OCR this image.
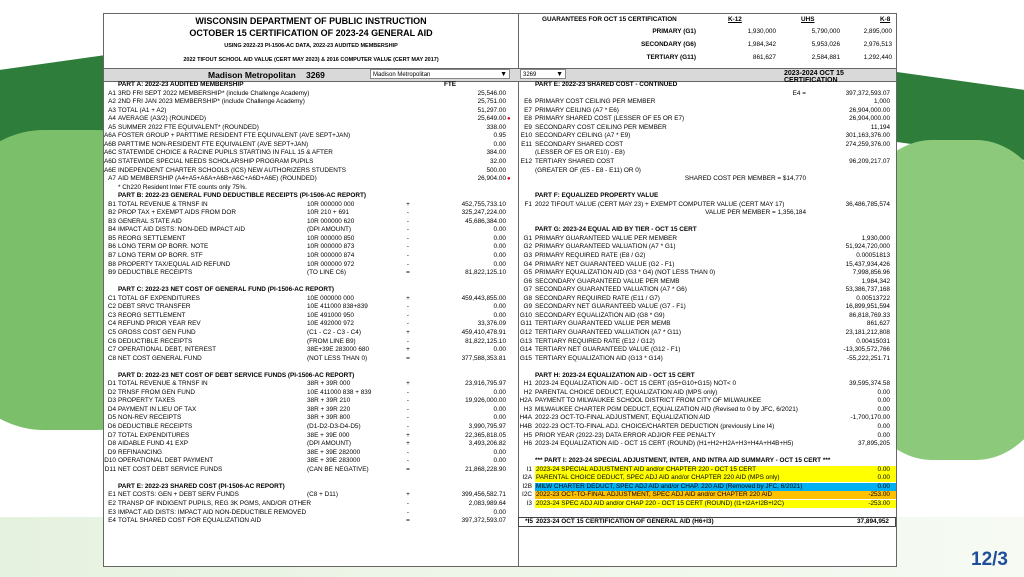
WISCONSIN DEPARTMENT OF PUBLIC INSTRUCTION
OCTOBER 15 CERTIFICATION OF 2023-24 GENERAL AID
USING 2022-23 PI-1506-AC DATA, 2022-23 AUDITED MEMBERSHIP
2022 TIFOUT SCHOOL AID VALUE (CERT MAY 2023) & 2016 COMPUTER VALUE (CERT MAY 2017)
Madison Metropolitan 3269
PART A: 2022-23 AUDITED MEMBERSHIP	FTE
A1 3RD FRI SEPT 2022 MEMBERSHIP* (include Challenge Academy)	25,546.00
A2 2ND FRI JAN 2023 MEMBERSHIP* (include Challenge Academy)	25,751.00
A3 TOTAL (A1 + A2)	51,297.00
A4 AVERAGE (A3/2) (ROUNDED)	25,649.00 ●
A5 SUMMER 2022 FTE EQUIVALENT* (ROUNDED)	338.00
A6A FOSTER GROUP + PARTTIME RESIDENT FTE EQUIVALENT (AVE SEPT+JAN)	0.95
A6B PARTTIME NON-RESIDENT FTE EQUIVALENT (AVE SEPT+JAN)	0.00
A6C STATEWIDE CHOICE & RACINE PUPILS STARTING IN FALL 15 & AFTER	384.00
A6D STATEWIDE SPECIAL NEEDS SCHOLARSHIP PROGRAM PUPILS	32.00
A6E INDEPENDENT CHARTER SCHOOLS (ICS) NEW AUTHORIZERS STUDENTS	500.00
A7 AID MEMBERSHIP (A4+A5+A6A+A6B+A6C+A6D+A6E) (ROUNDED)	26,904.00 ●
* Ch220 Resident Inter FTE counts only 75%.
PART B: 2022-23 GENERAL FUND DEDUCTIBLE RECEIPTS (PI-1506-AC REPORT)
B1 TOTAL REVENUE & TRNSF IN	10R 000000 000	+	452,755,733.10
B2 PROP TAX + EXEMPT AIDS FROM DOR	10R 210 + 691	-	325,247,224.00
B3 GENERAL STATE AID	10R 000000 620	-	45,686,384.00
B4 IMPACT AID DISTS: NON-DED IMPACT AID	(DPI AMOUNT)	-	0.00
B5 REORG SETTLEMENT	10R 000000 850	-	0.00
B6 LONG TERM OP BORR. NOTE	10R 000000 873	-	0.00
B7 LONG TERM OP BORR. STF	10R 000000 874	-	0.00
B8 PROPERTY TAX/EQUAL AID REFUND	10R 000000 972	-	0.00
B9 DEDUCTIBLE RECEIPTS	(TO LINE C6)	=	81,822,125.10
PART C: 2022-23 NET COST OF GENERAL FUND (PI-1506-AC REPORT)
C1 TOTAL GF EXPENDITURES	10E 000000 000	+	459,443,855.00
C2 DEBT SRVC TRANSFER	10E 411000 838+839	-	0.00
C3 REORG SETTLEMENT	10E 491000 950	-	0.00
C4 REFUND PRIOR YEAR REV	10E 492000 972	-	33,376.09
C5 GROSS COST GEN FUND	(C1 - C2 - C3 - C4)	+	459,410,478.91
C6 DEDUCTIBLE RECEIPTS	(FROM LINE B9)	-	81,822,125.10
C7 OPERATIONAL DEBT, INTEREST	38E+39E 283000 680	+	0.00
C8 NET COST GENERAL FUND	(NOT LESS THAN 0)	=	377,588,353.81
PART D: 2022-23 NET COST OF DEBT SERVICE FUNDS (PI-1506-AC REPORT)
D1 TOTAL REVENUE & TRNSF IN	38R + 39R 000	+	23,916,795.97
D2 TRNSF FROM GEN FUND	10E 411000 838 + 839	-	0.00
D3 PROPERTY TAXES	38R + 39R 210	-	19,926,000.00
D4 PAYMENT IN LIEU OF TAX	38R + 39R 220	-	0.00
D5 NON-REV RECEIPTS	38R + 39R 800	-	0.00
D6 DEDUCTIBLE RECEIPTS	(D1-D2-D3-D4-D5)	-	3,990,795.97
D7 TOTAL EXPENDITURES	38E + 39E 000	+	22,365,818.05
D8 AIDABLE FUND 41 EXP	(DPI AMOUNT)	+	3,493,206.82
D9 REFINANCING	38E + 39E 282000	-	0.00
D10 OPERATIONAL DEBT PAYMENT	38E + 39E 283000	-	0.00
D11 NET COST DEBT SERVICE FUNDS	(CAN BE NEGATIVE)	=	21,868,228.90
PART E: 2022-23 SHARED COST (PI-1506-AC REPORT)
E1 NET COSTS: GEN + DEBT SERV FUNDS	(C8 + D11)	+	399,456,582.71
E2 TRANSP OF INDIGENT PUPILS, REG 3K PGMS, AND/OR OTHER	-	2,083,989.64
E3 IMPACT AID DISTS: IMPACT AID NON-DEDUCTIBLE REMOVED	-	0.00
E4 TOTAL SHARED COST FOR EQUALIZATION AID	=	397,372,593.07
GUARANTEES FOR OCT 15 CERTIFICATION	K-12	UHS	K-8
PRIMARY (G1)	1,930,000	5,790,000	2,895,000
SECONDARY (G6)	1,984,342	5,953,026	2,976,513
TERTIARY (G11)	861,627	2,584,881	1,292,440
2023-2024 OCT 15 CERTIFICATION
PART E: 2022-23 SHARED COST - CONTINUED
E4 =	397,372,593.07
E6 PRIMARY COST CEILING PER MEMBER	1,000
E7 PRIMARY CEILING (A7 * E6)	26,904,000.00
E8 PRIMARY SHARED COST (LESSER OF E5 OR E7)	26,904,000.00
E9 SECONDARY COST CEILING PER MEMBER	11,194
E10 SECONDARY CEILING (A7 * E9)	301,163,376.00
E11 SECONDARY SHARED COST	274,259,376.00
(LESSER OF E5 OR E10) - E8)
E12 TERTIARY SHARED COST	96,209,217.07
(GREATER OF (E5 - E8 - E11) OR 0)
SHARED COST PER MEMBER = $14,770
PART F: EQUALIZED PROPERTY VALUE
F1 2022 TIFOUT VALUE (CERT MAY 23) + EXEMPT COMPUTER VALUE (CERT MAY 17)	36,486,785,574
VALUE PER MEMBER = 1,356,184
PART G: 2023-24 EQUAL AID BY TIER - OCT 15 CERT
G1 PRIMARY GUARANTEED VALUE PER MEMBER	1,930,000
G2 PRIMARY GUARANTEED VALUATION (A7 * G1)	51,924,720,000
G3 PRIMARY REQUIRED RATE (E8 / G2)	0.00051813
G4 PRIMARY NET GUARANTEED VALUE (G2 - F1)	15,437,934,426
G5 PRIMARY EQUALIZATION AID (G3 * G4) (NOT LESS THAN 0)	7,998,856.96
G6 SECONDARY GUARANTEED VALUE PER MEMB	1,984,342
G7 SECONDARY GUARANTEED VALUATION (A7 * G6)	53,386,737,168
G8 SECONDARY REQUIRED RATE (E11 / G7)	0.00513722
G9 SECONDARY NET GUARANTEED VALUE (G7 - F1)	16,899,951,594
G10 SECONDARY EQUALIZATION AID (G8 * G9)	86,818,769.33
G11 TERTIARY GUARANTEED VALUE PER MEMB	861,627
G12 TERTIARY GUARANTEED VALUATION (A7 * G11)	23,181,212,808
G13 TERTIARY REQUIRED RATE (E12 / G12)	0.00415031
G14 TERTIARY NET GUARANTEED VALUE (G12 - F1)	-13,305,572,766
G15 TERTIARY EQUALIZATION AID (G13 * G14)	-55,222,251.71
PART H: 2023-24 EQUALIZATION AID - OCT 15 CERT
H1 2023-24 EQUALIZATION AID - OCT 15 CERT (G5+G10+G15) NOT< 0	39,595,374.58
H2 PARENTAL CHOICE DEDUCT, EQUALIZATION AID (MPS only)	0.00
H2A PAYMENT TO MILWAUKEE SCHOOL DISTRICT FROM CITY OF MILWAUKEE	0.00
H3 MILWAUKEE CHARTER PGM DEDUCT, EQUALIZATION AID (Revised to 0 by JFC, 6/2021)	0.00
H4A 2022-23 OCT-TO-FINAL ADJUSTMENT, EQUALIZATION AID	-1,700,170.00
H4B 2022-23 OCT-TO-FINAL ADJ. CHOICE/CHARTER DEDUCTION (previously Line I4)	0.00
H5 PRIOR YEAR (2022-23) DATA ERROR ADJ/OR FEE PENALTY	0.00
H6 2023-24 EQUALIZATION AID - OCT 15 CERT (ROUND) (H1+H2+H2A+H3+H4A+H4B+H5)	37,895,205
*** PART I: 2023-24 SPECIAL ADJUSTMENT, INTER, AND INTRA AID SUMMARY - OCT 15 CERT ***
I1 2023-24 SPECIAL ADJUSTMENT AID and/or CHAPTER 220 - OCT 15 CERT	0.00
I2A PARENTAL CHOICE DEDUCT, SPEC ADJ AID and/or CHAPTER 220 AID (MPS only)	0.00
I2B MILW CHARTER DEDUCT, SPEC ADJ AID and/or CHAP. 220 AID (Removed by JFC, 6/2021)	0.00
I2C 2022-23 OCT-TO-FINAL ADJUSTMENT, SPEC ADJ AID and/or CHAPTER 220 AID	-253.00
I3 2023-24 SPEC ADJ AID and/or CHAP 220 - OCT 15 CERT (ROUND) (I1+I2A+I2B+I2C)	-253.00
*I5 2023-24 OCT 15 CERTIFICATION OF GENERAL AID (H6+I3)	37,894,952
Madison Metropolitan	▼	3269	▼
12/3
